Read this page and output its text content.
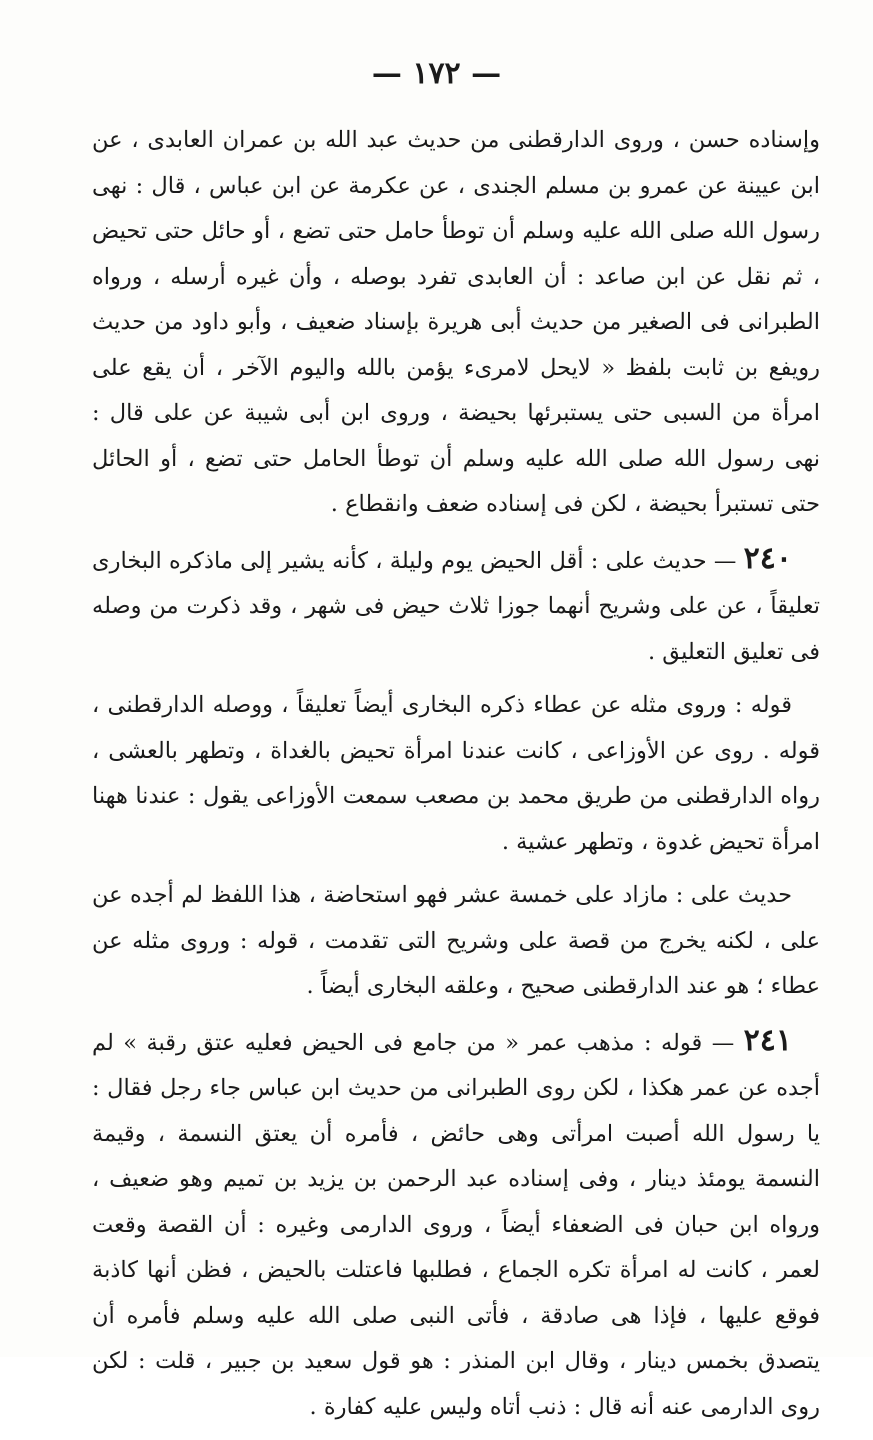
— ١٧٢ —

وإسناده حسن ، وروى الدارقطنى من حديث عبد الله بن عمران العابدى ، عن ابن عيينة عن عمرو بن مسلم الجندى ، عن عكرمة عن ابن عباس ، قال : نهى رسول الله صلى الله عليه وسلم أن توطأ حامل حتى تضع ، أو حائل حتى تحيض ، ثم نقل عن ابن صاعد : أن العابدى تفرد بوصله ، وأن غيره أرسله ، ورواه الطبرانى فى الصغير من حديث أبى هريرة بإسناد ضعيف ، وأبو داود من حديث رويفع بن ثابت بلفظ « لايحل لامرىء يؤمن بالله واليوم الآخر ، أن يقع على امرأة من السبى حتى يستبرئها بحيضة ، وروى ابن أبى شيبة عن على قال : نهى رسول الله صلى الله عليه وسلم أن توطأ الحامل حتى تضع ، أو الحائل حتى تستبرأ بحيضة ، لكن فى إسناده ضعف وانقطاع .

٢٤٠ — حديث على : أقل الحيض يوم وليلة ، كأنه يشير إلى ماذكره البخارى تعليقاً ، عن على وشريح أنهما جوزا ثلاث حيض فى شهر ، وقد ذكرت من وصله فى تعليق التعليق .

قوله : وروى مثله عن عطاء ذكره البخارى أيضاً تعليقاً ، ووصله الدارقطنى ، قوله . روى عن الأوزاعى ، كانت عندنا امرأة تحيض بالغداة ، وتطهر بالعشى ، رواه الدارقطنى من طريق محمد بن مصعب سمعت الأوزاعى يقول : عندنا ههنا امرأة تحيض غدوة ، وتطهر عشية .

حديث على : مازاد على خمسة عشر فهو استحاضة ، هذا اللفظ لم أجده عن على ، لكنه يخرج من قصة على وشريح التى تقدمت ، قوله : وروى مثله عن عطاء ؛ هو عند الدارقطنى صحيح ، وعلقه البخارى أيضاً .

٢٤١ — قوله : مذهب عمر « من جامع فى الحيض فعليه عتق رقبة » لم أجده عن عمر هكذا ، لكن روى الطبرانى من حديث ابن عباس جاء رجل فقال : يا رسول الله أصبت امرأتى وهى حائض ، فأمره أن يعتق النسمة ، وقيمة النسمة يومئذ دينار ، وفى إسناده عبد الرحمن بن يزيد بن تميم وهو ضعيف ، ورواه ابن حبان فى الضعفاء أيضاً ، وروى الدارمى وغيره : أن القصة وقعت لعمر ، كانت له امرأة تكره الجماع ، فطلبها فاعتلت بالحيض ، فظن أنها كاذبة فوقع عليها ، فإذا هى صادقة ، فأتى النبى صلى الله عليه وسلم فأمره أن يتصدق بخمس دينار ، وقال ابن المنذر : هو قول سعيد بن جبير ، قلت : لكن روى الدارمى عنه أنه قال : ذنب أتاه وليس عليه كفارة .
